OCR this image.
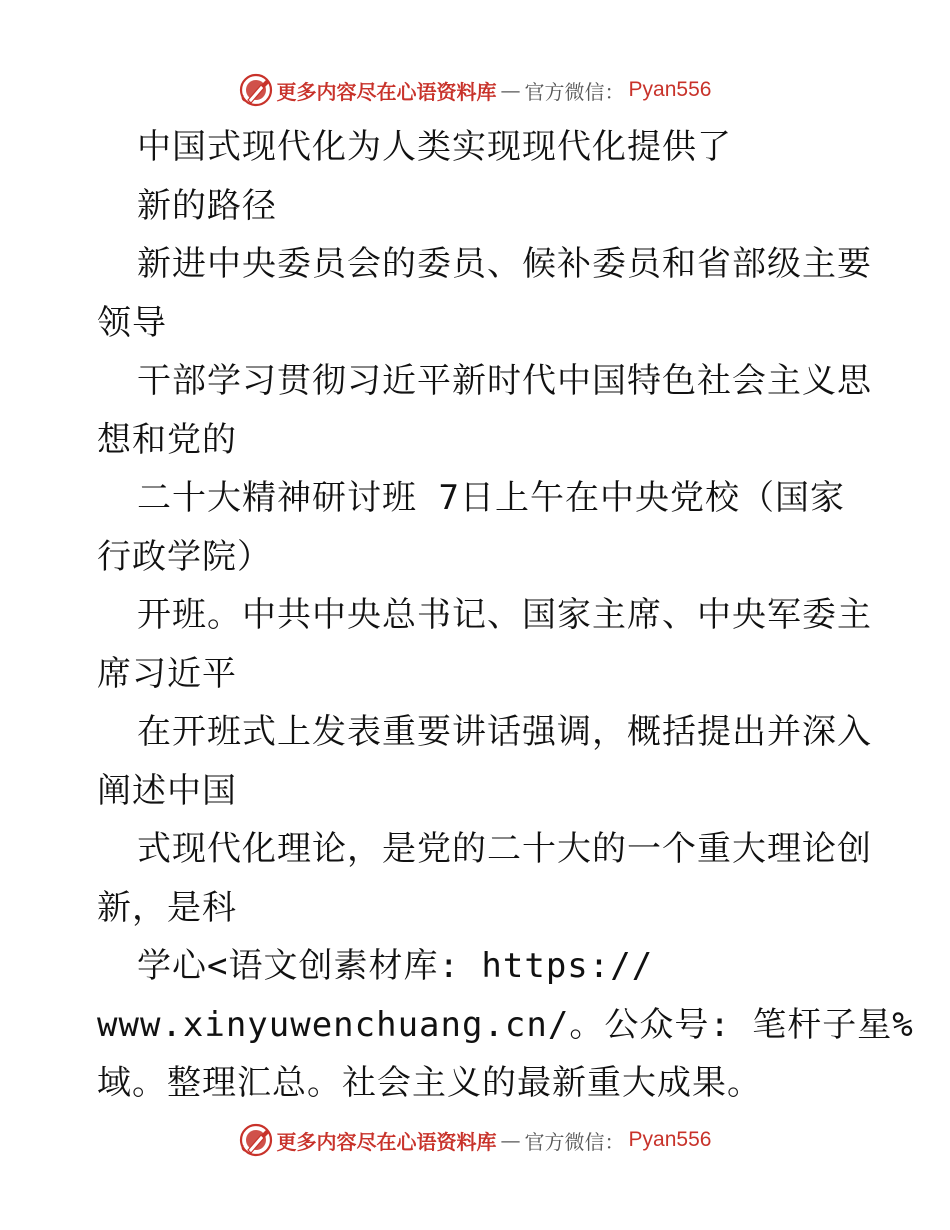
更多内容尽在心语资料库 — 官方微信： Pyan556
中国式现代化为人类实现现代化提供了
新的路径
新进中央委员会的委员、候补委员和省部级主要
领导
干部学习贯彻习近平新时代中国特色社会主义思
想和党的
二十大精神研讨班 7日上午在中央党校（国家
行政学院）
开班。中共中央总书记、国家主席、中央军委主
席习近平
在开班式上发表重要讲话强调，概括提出并深入
阐述中国
式现代化理论，是党的二十大的一个重大理论创
新，是科
学心<语文创素材库: https://
www.xinyuwenchuang.cn/。公众号: 笔杆子星%
域。整理汇总。社会主义的最新重大成果。
更多内容尽在心语资料库 — 官方微信： Pyan556
